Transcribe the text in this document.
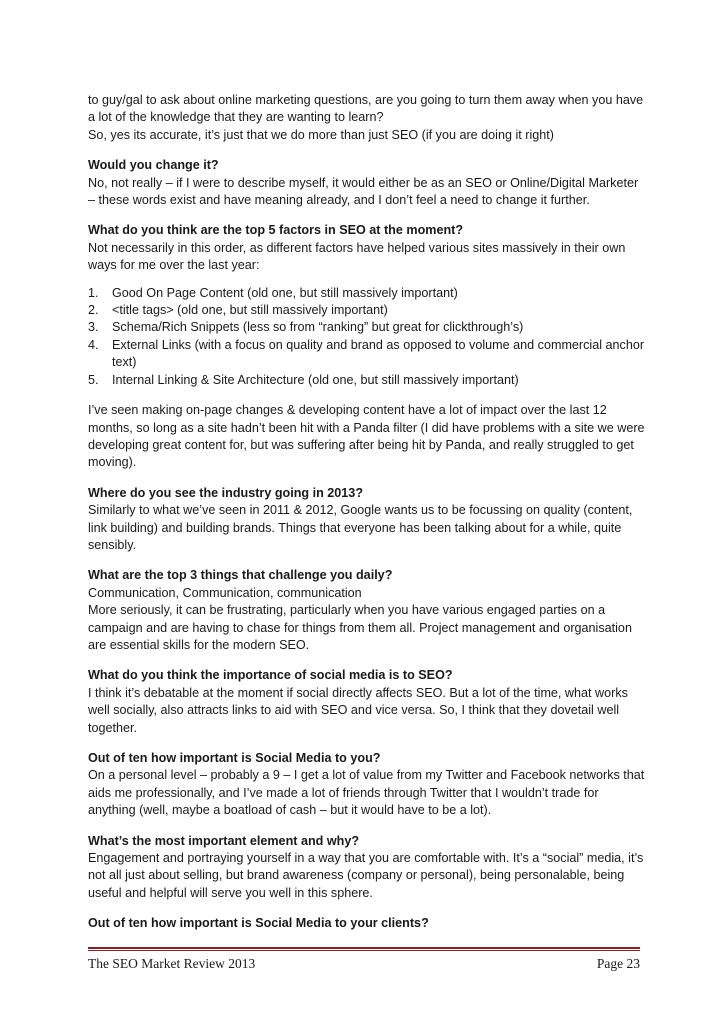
to guy/gal to ask about online marketing questions, are you going to turn them away when you have

a lot of the knowledge that they are wanting to learn?

So, yes its accurate, it’s just that we do more than just SEO (if you are doing it right)

Would you change it?

No, not really – if I were to describe myself, it would either be as an SEO or Online/Digital Marketer – these words exist and have meaning already, and I don’t feel a need to change it further.

What do you think are the top 5 factors in SEO at the moment?

Not necessarily in this order, as different factors have helped various sites massively in their own ways for me over the last year:

1. Good On Page Content (old one, but still massively important)
2. <title tags> (old one, but still massively important)
3. Schema/Rich Snippets (less so from “ranking” but great for clickthrough’s)
4. External Links (with a focus on quality and brand as opposed to volume and commercial anchor text)
5. Internal Linking & Site Architecture (old one, but still massively important)

I’ve seen making on-page changes & developing content have a lot of impact over the last 12 months, so long as a site hadn’t been hit with a Panda filter (I did have problems with a site we were developing great content for, but was suffering after being hit by Panda, and really struggled to get moving).

Where do you see the industry going in 2013?

Similarly to what we’ve seen in 2011 & 2012, Google wants us to be focussing on quality (content, link building) and building brands. Things that everyone has been talking about for a while, quite sensibly.

What are the top 3 things that challenge you daily?

Communication, Communication, communication

More seriously, it can be frustrating, particularly when you have various engaged parties on a campaign and are having to chase for things from them all. Project management and organisation are essential skills for the modern SEO.

What do you think the importance of social media is to SEO?

I think it’s debatable at the moment if social directly affects SEO. But a lot of the time, what works well socially, also attracts links to aid with SEO and vice versa. So, I think that they dovetail well together.

Out of ten how important is Social Media to you?

On a personal level – probably a 9 – I get a lot of value from my Twitter and Facebook networks that aids me professionally, and I’ve made a lot of friends through Twitter that I wouldn’t trade for anything (well, maybe a boatload of cash – but it would have to be a lot).

What’s the most important element and why?

Engagement and portraying yourself in a way that you are comfortable with. It’s a “social” media, it’s not all just about selling, but brand awareness (company or personal), being personalable, being useful and helpful will serve you well in this sphere.

Out of ten how important is Social Media to your clients?

The SEO Market Review 2013	Page 23
